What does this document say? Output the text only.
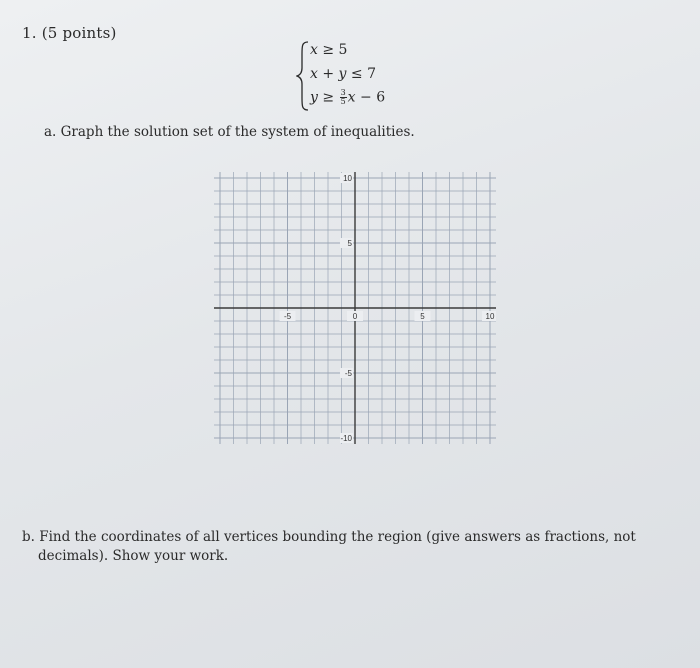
1. (5 points)
x ≥ 5
x + y ≤ 7
$y \ge \frac{3}{5}$ x − 6
a. Graph the solution set of the system of inequalities.
-5	0	5	10
10
5
-5
-10
b. Find the coordinates of all vertices bounding the region (give answers as fractions, not
decimals). Show your work.
